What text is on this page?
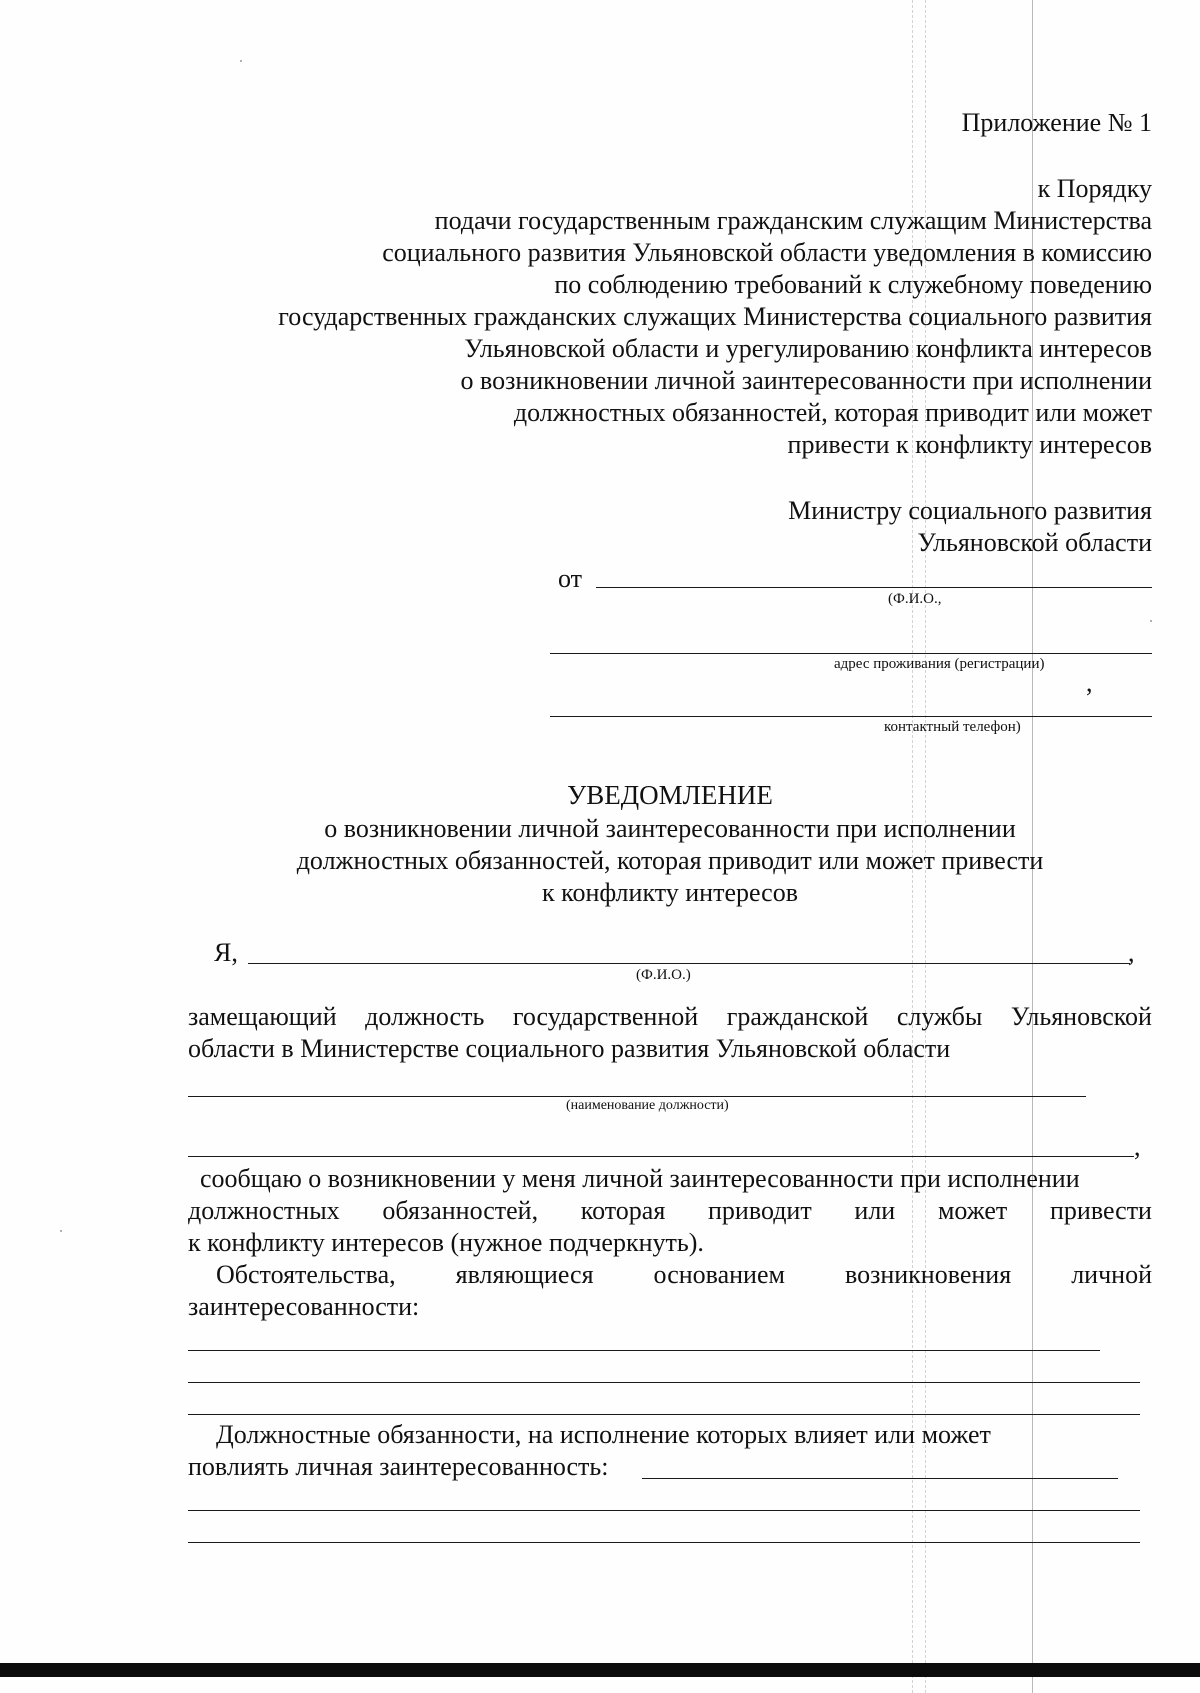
Приложение № 1
к Порядку
подачи государственным гражданским служащим Министерства
социального развития Ульяновской области уведомления в комиссию
по соблюдению требований к служебному поведению
государственных гражданских служащих Министерства социального развития
Ульяновской области и урегулированию конфликта интересов
о возникновении личной заинтересованности при исполнении
должностных обязанностей, которая приводит или может
привести к конфликту интересов
Министру социального развития
Ульяновской области
от
(Ф.И.О.,
адрес проживания (регистрации)
,
контактный телефон)
УВЕДОМЛЕНИЕ
о возникновении личной заинтересованности при исполнении
должностных обязанностей, которая приводит или может привести
к конфликту интересов
Я,	,
(Ф.И.О.)
замещающий должность государственной гражданской службы Ульяновской
области в Министерстве социального развития Ульяновской области
(наименование должности)
,
сообщаю о возникновении у меня личной заинтересованности при исполнении
должностных обязанностей, которая приводит или может привести
к конфликту интересов (нужное подчеркнуть).
Обстоятельства, являющиеся основанием возникновения личной
заинтересованности:
Должностные обязанности, на исполнение которых влияет или может
повлиять личная заинтересованность:
